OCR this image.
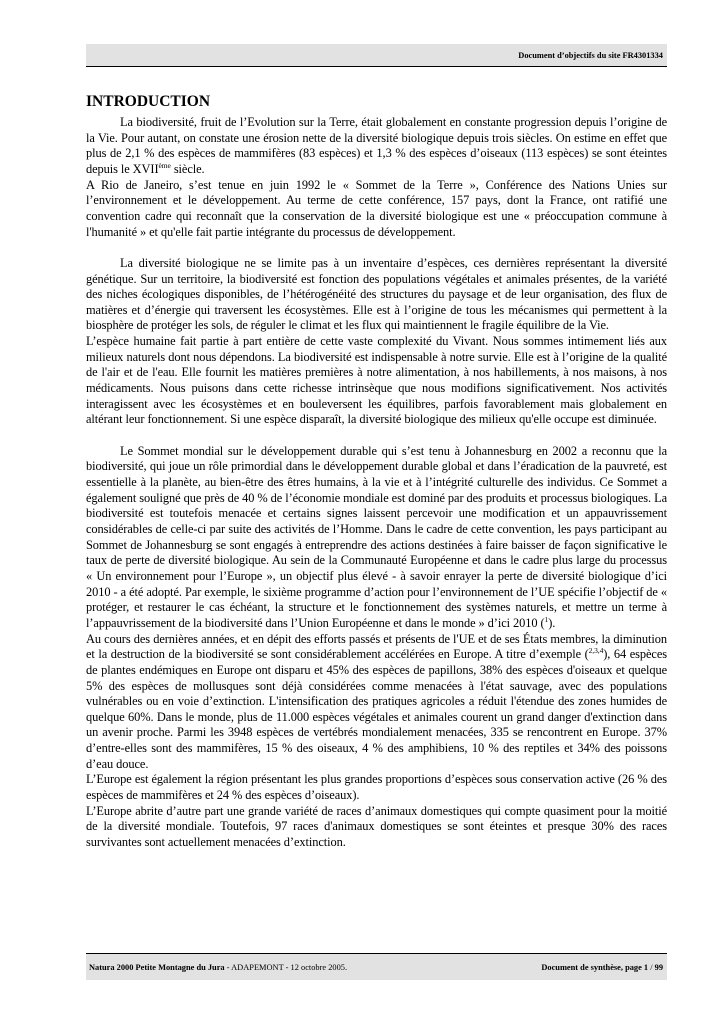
Document d’objectifs du site FR4301334
INTRODUCTION

La biodiversité, fruit de l’Evolution sur la Terre, était globalement en constante progression depuis l’origine de la Vie. Pour autant, on constate une érosion nette de la diversité biologique depuis trois siècles. On estime en effet que plus de 2,1 % des espèces de mammifères (83 espèces) et 1,3 % des espèces d’oiseaux (113 espèces) se sont éteintes depuis le XVIIème siècle.

A Rio de Janeiro, s’est tenue en juin 1992 le « Sommet de la Terre », Conférence des Nations Unies sur l’environnement et le développement. Au terme de cette conférence, 157 pays, dont la France, ont ratifié une convention cadre qui reconnaît que la conservation de la diversité biologique est une « préoccupation commune à l'humanité » et qu'elle fait partie intégrante du processus de développement.

La diversité biologique ne se limite pas à un inventaire d’espèces, ces dernières représentant la diversité génétique. Sur un territoire, la biodiversité est fonction des populations végétales et animales présentes, de la variété des niches écologiques disponibles, de l’hétérogénéité des structures du paysage et de leur organisation, des flux de matières et d’énergie qui traversent les écosystèmes. Elle est à l’origine de tous les mécanismes qui permettent à la biosphère de protéger les sols, de réguler le climat et les flux qui maintiennent le fragile équilibre de la Vie.

L’espèce humaine fait partie à part entière de cette vaste complexité du Vivant. Nous sommes intimement liés aux milieux naturels dont nous dépendons. La biodiversité est indispensable à notre survie. Elle est à l’origine de la qualité de l'air et de l'eau. Elle fournit les matières premières à notre alimentation, à nos habillements, à nos maisons, à nos médicaments. Nous puisons dans cette richesse intrinsèque que nous modifions significativement. Nos activités interagissent avec les écosystèmes et en bouleversent les équilibres, parfois favorablement mais globalement en altérant leur fonctionnement. Si une espèce disparaît, la diversité biologique des milieux qu'elle occupe est diminuée.

Le Sommet mondial sur le développement durable qui s’est tenu à Johannesburg en 2002 a reconnu que la biodiversité, qui joue un rôle primordial dans le développement durable global et dans l’éradication de la pauvreté, est essentielle à la planète, au bien-être des êtres humains, à la vie et à l’intégrité culturelle des individus. Ce Sommet a également souligné que près de 40 % de l’économie mondiale est dominé par des produits et processus biologiques. La biodiversité est toutefois menacée et certains signes laissent percevoir une modification et un appauvrissement considérables de celle-ci par suite des activités de l’Homme. Dans le cadre de cette convention, les pays participant au Sommet de Johannesburg se sont engagés à entreprendre des actions destinées à faire baisser de façon significative le taux de perte de diversité biologique. Au sein de la Communauté Européenne et dans le cadre plus large du processus « Un environnement pour l’Europe », un objectif plus élevé - à savoir enrayer la perte de diversité biologique d’ici 2010 - a été adopté. Par exemple, le sixième programme d’action pour l’environnement de l’UE spécifie l’objectif de « protéger, et restaurer le cas échéant, la structure et le fonctionnement des systèmes naturels, et mettre un terme à l’appauvrissement de la biodiversité dans l’Union Européenne et dans le monde » d’ici 2010 ($^1$).

Au cours des dernières années, et en dépit des efforts passés et présents de l'UE et de ses États membres, la diminution et la destruction de la biodiversité se sont considérablement accélérées en Europe. A titre d’exemple ($^{2,3,4}$), 64 espèces de plantes endémiques en Europe ont disparu et 45% des espèces de papillons, 38% des espèces d'oiseaux et quelque 5% des espèces de mollusques sont déjà considérées comme menacées à l'état sauvage, avec des populations vulnérables ou en voie d’extinction. L'intensification des pratiques agricoles a réduit l'étendue des zones humides de quelque 60%. Dans le monde, plus de 11.000 espèces végétales et animales courent un grand danger d'extinction dans un avenir proche. Parmi les 3948 espèces de vertébrés mondialement menacées, 335 se rencontrent en Europe. 37% d’entre-elles sont des mammifères, 15 % des oiseaux, 4 % des amphibiens, 10 % des reptiles et 34% des poissons d’eau douce.

L’Europe est également la région présentant les plus grandes proportions d’espèces sous conservation active (26 % des espèces de mammifères et 24 % des espèces d’oiseaux).

L’Europe abrite d’autre part une grande variété de races d’animaux domestiques qui compte quasiment pour la moitié de la diversité mondiale. Toutefois, 97 races d'animaux domestiques se sont éteintes et presque 30% des races survivantes sont actuellement menacées d’extinction.

Natura 2000 Petite Montagne du Jura - ADAPEMONT - 12 octobre 2005.	Document de synthèse, page 1 / 99
